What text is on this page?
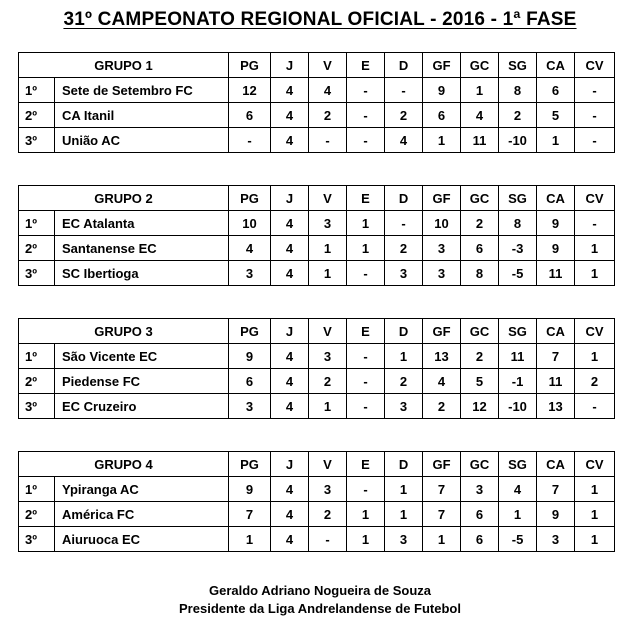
31º CAMPEONATO REGIONAL OFICIAL - 2016 - 1ª FASE
GRUPO 1		PG	J	V	E	D	GF	GC	SG	CA	CV
1º	Sete de Setembro FC	12	4	4	-	-	9	1	8	6	-
2º	CA Itanil	6	4	2	-	2	6	4	2	5	-
3º	União AC	-	4	-	-	4	1	11	-10	1	-
GRUPO 2		PG	J	V	E	D	GF	GC	SG	CA	CV
1º	EC Atalanta	10	4	3	1	-	10	2	8	9	-
2º	Santanense EC	4	4	1	1	2	3	6	-3	9	1
3º	SC Ibertioga	3	4	1	-	3	3	8	-5	11	1
GRUPO 3		PG	J	V	E	D	GF	GC	SG	CA	CV
1º	São Vicente EC	9	4	3	-	1	13	2	11	7	1
2º	Piedense FC	6	4	2	-	2	4	5	-1	11	2
3º	EC Cruzeiro	3	4	1	-	3	2	12	-10	13	-
GRUPO 4		PG	J	V	E	D	GF	GC	SG	CA	CV
1º	Ypiranga AC	9	4	3	-	1	7	3	4	7	1
2º	América FC	7	4	2	1	1	7	6	1	9	1
3º	Aiuruoca EC	1	4	-	1	3	1	6	-5	3	1
Geraldo Adriano Nogueira de Souza
Presidente da Liga Andrelandense de Futebol
